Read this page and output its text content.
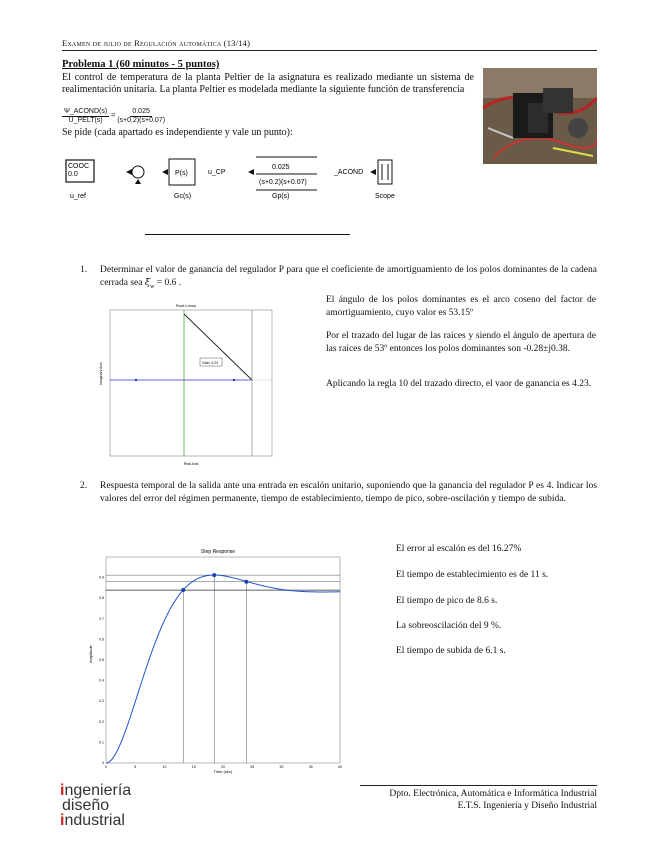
Examen de julio de Regulación automática (13/14)
Problema 1 (60 minutos - 5 puntos)
El control de temperatura de la planta Peltier de la asignatura es realizado mediante un sistema de realimentación unitaria. La planta Peltier es modelada mediante la siguiente función de transferencia
Ψ_ACOND(s)
U_PELT(s) = $\frac{0.025}{(s+0.2)(s+0.07)}$
Se pide (cada apartado es independiente y vale un punto):
COOC
0.0
u_ref
P(s)
Gc(s)
u_CP
0.025
(s+0.2)(s+0.07)
Gp(s)
_ACOND
Scope
1. Determinar el valor de ganancia del regulador P para que el coeficiente de amortiguamiento de los polos dominantes de la cadena cerrada sea $\xi_w = 0.6$ .
Root Locus
Gain: 4.23
Real Axis
Imaginary Axis
El ángulo de los polos dominantes es el arco coseno del factor de amortiguamiento, cuyo valor es 53.15º
Por el trazado del lugar de las raíces y siendo el ángulo de apertura de las raíces de 53º entonces los polos dominantes son -0.28±j0.38.
Aplicando la regla 10 del trazado directo, el vaor de ganancia es 4.23.
2. Respuesta temporal de la salida ante una entrada en escalón unitario, suponiendo que la ganancia del regulador P es 4. Indicar los valores del error del régimen permanente, tiempo de establecimiento, tiempo de pico, sobre-oscilación y tiempo de subida.
Step Response
0	5	10	15	20	25	30	35	40
0
0.1
0.2
0.3
0.4
0.5
0.6
0.7
0.8
0.9
Time (sec)
Amplitude
El error al escalón es del 16.27%
El tiempo de establecimiento es de 11 s.
El tiempo de pico de 8.6 s.
La sobreoscilación del 9 %.
El tiempo de subida de 6.1 s.
Dpto. Electrónica, Automática e Informática Industrial
E.T.S. Ingeniería y Diseño Industrial
ingeniería
diseño
industrial
